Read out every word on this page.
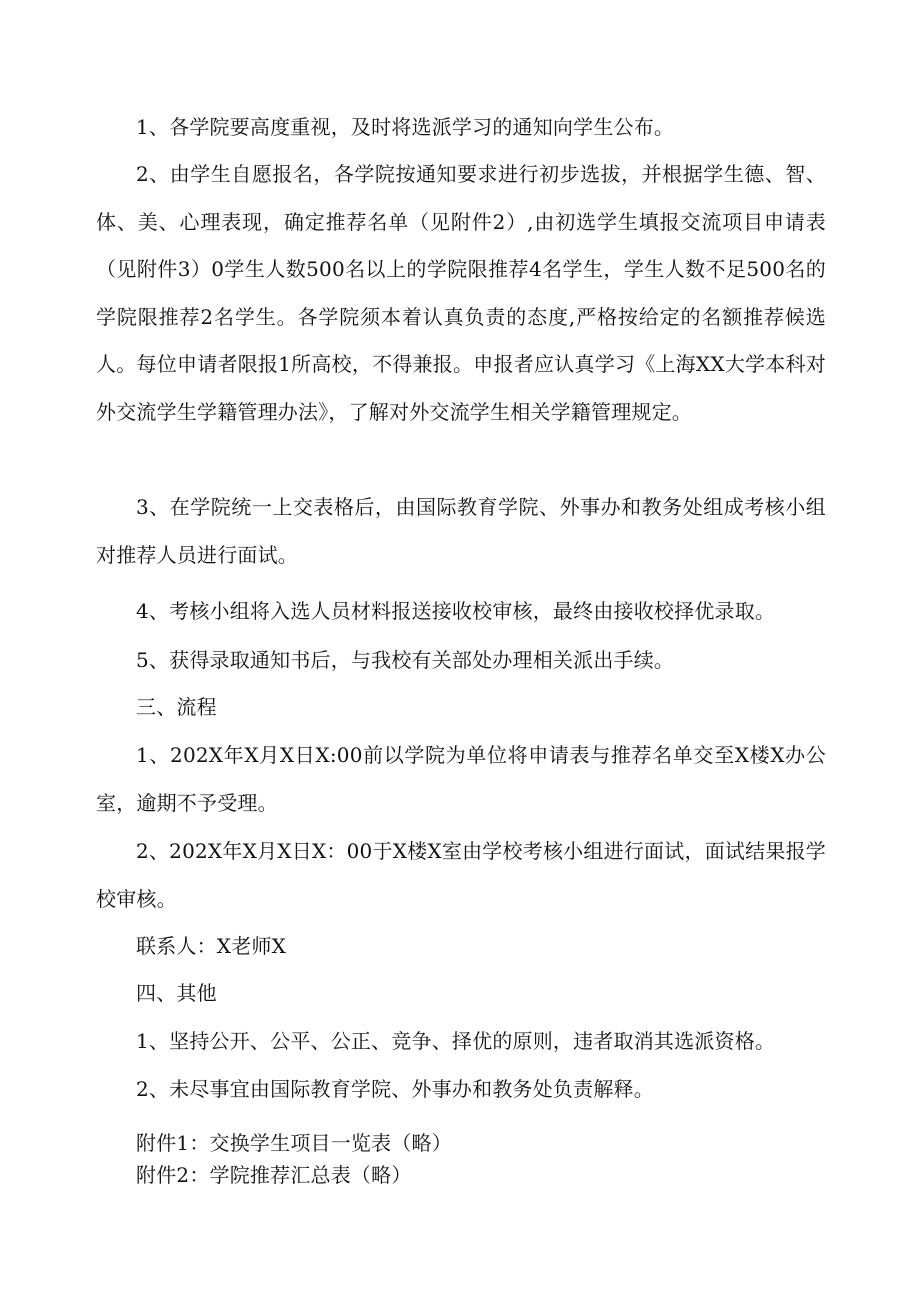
1、各学院要高度重视，及时将选派学习的通知向学生公布。

2、由学生自愿报名，各学院按通知要求进行初步选拔，并根据学生德、智、体、美、心理表现，确定推荐名单（见附件2）,由初选学生填报交流项目申请表（见附件3）0学生人数500名以上的学院限推荐4名学生，学生人数不足500名的学院限推荐2名学生。各学院须本着认真负责的态度,严格按给定的名额推荐候选人。每位申请者限报1所高校，不得兼报。申报者应认真学习《上海XX大学本科对外交流学生学籍管理办法》，了解对外交流学生相关学籍管理规定。

3、在学院统一上交表格后，由国际教育学院、外事办和教务处组成考核小组对推荐人员进行面试。

4、考核小组将入选人员材料报送接收校审核，最终由接收校择优录取。

5、获得录取通知书后，与我校有关部处办理相关派出手续。

三、流程

1、202X年X月X日X:00前以学院为单位将申请表与推荐名单交至X楼X办公室，逾期不予受理。

2、202X年X月X日X：00于X楼X室由学校考核小组进行面试，面试结果报学校审核。

联系人：X老师X

四、其他

1、坚持公开、公平、公正、竞争、择优的原则，违者取消其选派资格。

2、未尽事宜由国际教育学院、外事办和教务处负责解释。

附件1：交换学生项目一览表（略）

附件2：学院推荐汇总表（略）
